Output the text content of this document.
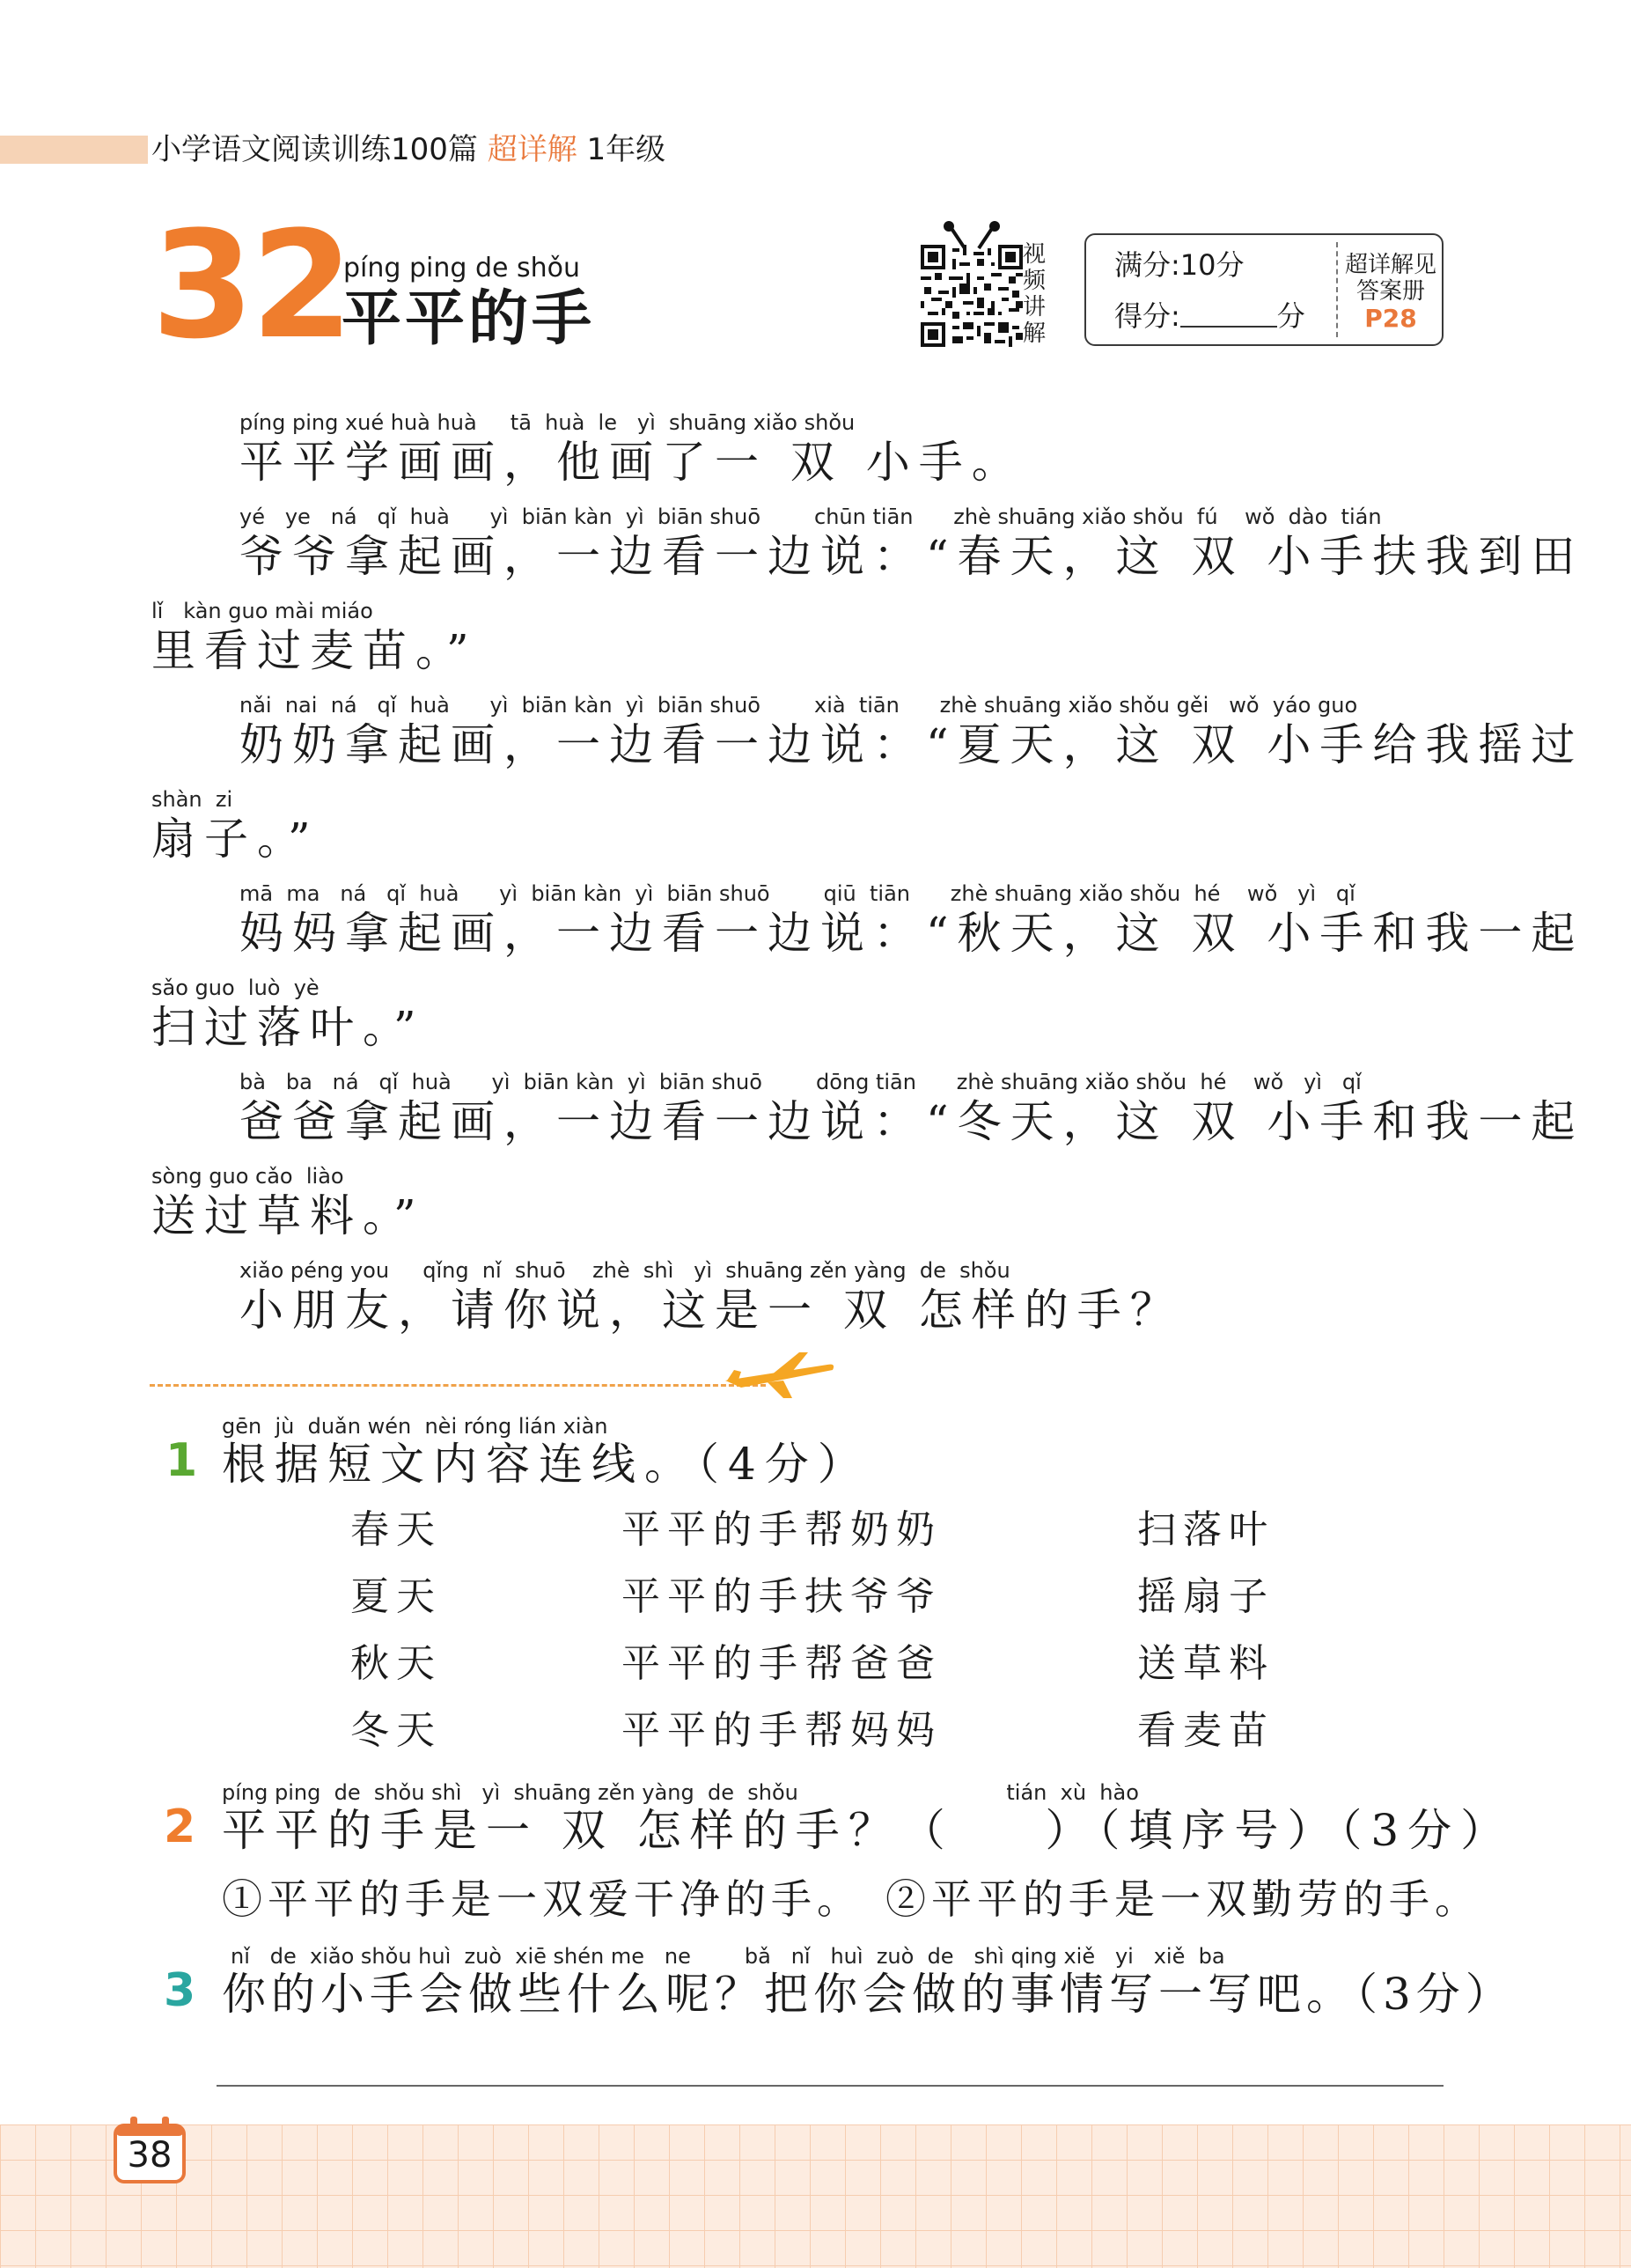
小学语文阅读训练100篇 超详解 1年级
32
píng ping de shǒu
平平的手
视频讲解
满分:10分
得分:	分
超详解见
答案册
P28
píng ping xué huà huà     tā  huà  le   yì  shuāng xiǎo shǒu
平平学画画，他画了一 双 小手。
yé   ye   ná   qǐ  huà      yì  biān kàn  yì  biān shuō        chūn tiān      zhè shuāng xiǎo shǒu  fú    wǒ  dào  tián
爷爷拿起画，一边看一边说：“春天，这 双 小手扶我到田
lǐ   kàn guo mài miáo
里看过麦苗。”
nǎi  nai  ná   qǐ  huà      yì  biān kàn  yì  biān shuō        xià  tiān      zhè shuāng xiǎo shǒu gěi   wǒ  yáo guo
奶奶拿起画，一边看一边说：“夏天，这 双 小手给我摇过
shàn  zi
扇子。”
mā  ma   ná   qǐ  huà      yì  biān kàn  yì  biān shuō        qiū  tiān      zhè shuāng xiǎo shǒu  hé    wǒ   yì   qǐ
妈妈拿起画，一边看一边说：“秋天，这 双 小手和我一起
sǎo guo  luò  yè
扫过落叶。”
bà   ba   ná   qǐ  huà      yì  biān kàn  yì  biān shuō        dōng tiān      zhè shuāng xiǎo shǒu  hé    wǒ   yì   qǐ
爸爸拿起画，一边看一边说：“冬天，这 双 小手和我一起
sòng guo cǎo  liào
送过草料。”
xiǎo péng you     qǐng  nǐ  shuō    zhè  shì   yì  shuāng zěn yàng  de  shǒu
小朋友，请你说，这是一 双 怎样的手？
gēn  jù  duǎn wén  nèi róng lián xiàn
1 根据短文内容连线。（4分）
春天
夏天
秋天
冬天
平平的手帮奶奶
平平的手扶爷爷
平平的手帮爸爸
平平的手帮妈妈
扫落叶
摇扇子
送草料
看麦苗
píng ping  de  shǒu shì   yì  shuāng zěn yàng  de  shǒu                               tián  xù  hào
2 平平的手是一 双 怎样的手？（    ）（填序号）（3分）
①平平的手是一双爱干净的手。 ②平平的手是一双勤劳的手。
nǐ   de  xiǎo shǒu huì  zuò  xiē shén me   ne        bǎ   nǐ   huì  zuò  de   shì qing xiě   yi   xiě  ba
3 你的小手会做些什么呢？把你会做的事情写一写吧。（3分）
38
